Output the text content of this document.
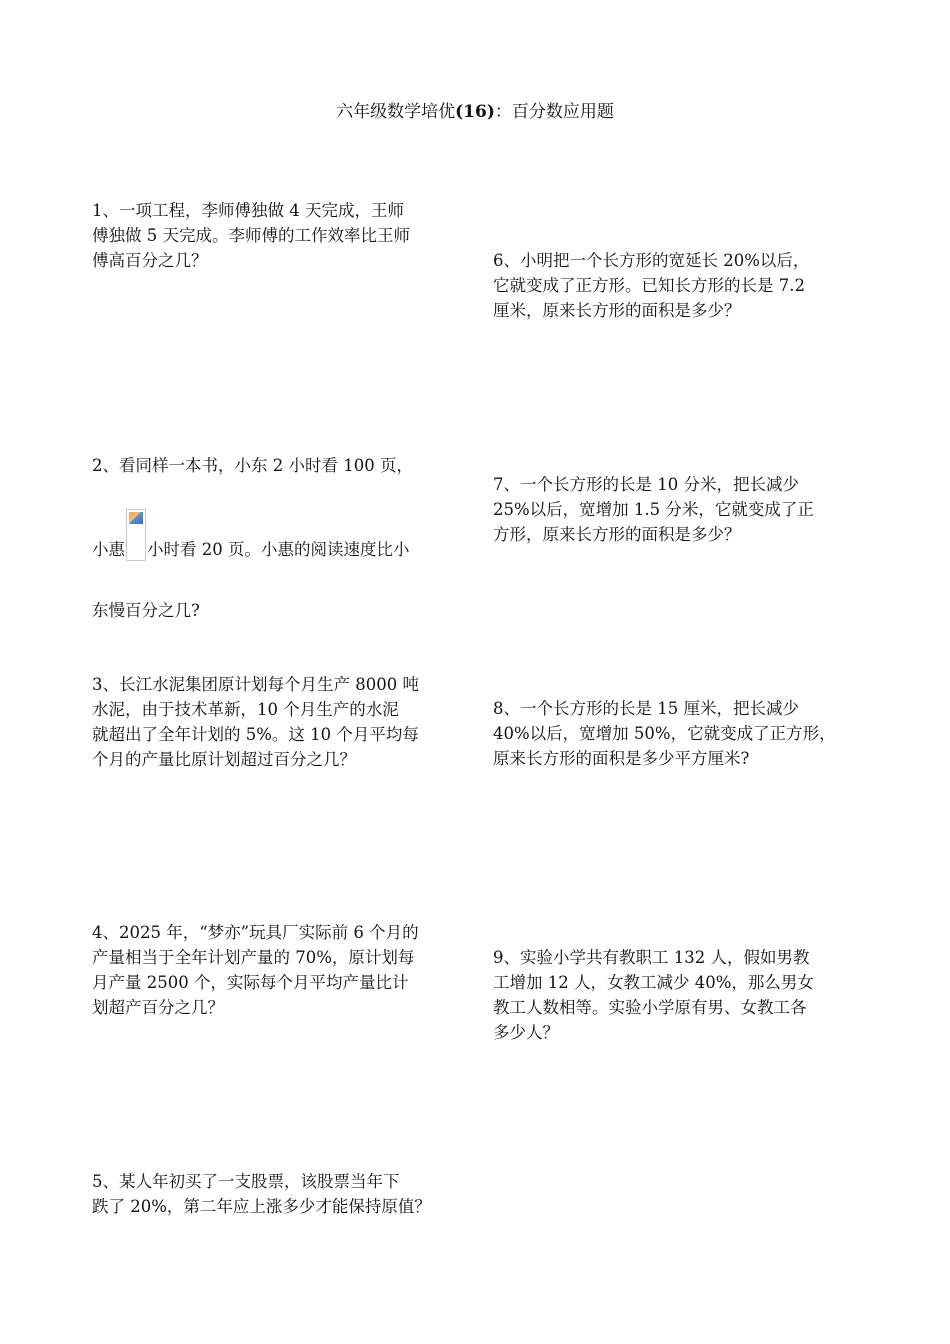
六年级数学培优(16)：百分数应用题

1、一项工程，李师傅独做 4 天完成，王师
傅独做 5 天完成。李师傅的工作效率比王师
傅高百分之几？

2、看同样一本书，小东 2 小时看 100 页，

小惠 小时看 20 页。小惠的阅读速度比小

东慢百分之几?

3、长江水泥集团原计划每个月生产 8000 吨
水泥，由于技术革新，10 个月生产的水泥
就超出了全年计划的 5%。这 10 个月平均每
个月的产量比原计划超过百分之几？

4、2025 年，“梦亦”玩具厂实际前 6 个月的
产量相当于全年计划产量的 70%，原计划每
月产量 2500 个，实际每个月平均产量比计
划超产百分之几？

5、某人年初买了一支股票，该股票当年下
跌了 20%，第二年应上涨多少才能保持原值？

6、小明把一个长方形的宽延长 20%以后，
它就变成了正方形。已知长方形的长是 7.2
厘米，原来长方形的面积是多少？

7、一个长方形的长是 10 分米，把长减少
25%以后，宽增加 1.5 分米，它就变成了正
方形，原来长方形的面积是多少？

8、一个长方形的长是 15 厘米，把长减少
40%以后，宽增加 50%，它就变成了正方形，
原来长方形的面积是多少平方厘米?

9、实验小学共有教职工 132 人，假如男教
工增加 12 人，女教工减少 40%，那么男女
教工人数相等。实验小学原有男、女教工各
多少人？
